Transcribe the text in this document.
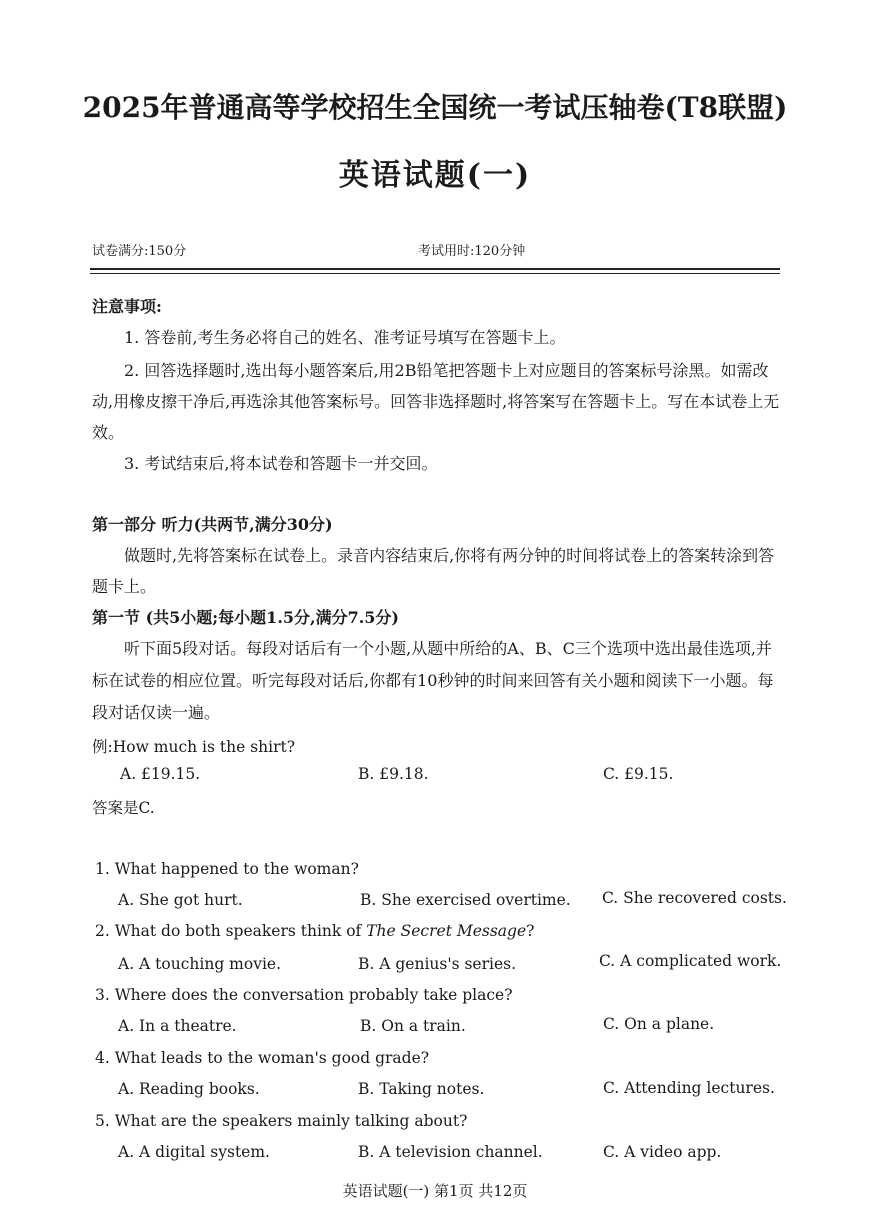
2025年普通高等学校招生全国统一考试压轴卷(T8联盟)
英语试题(一)
试卷满分:150分	考试用时:120分钟
注意事项:
1. 答卷前,考生务必将自己的姓名、准考证号填写在答题卡上。
2. 回答选择题时,选出每小题答案后,用2B铅笔把答题卡上对应题目的答案标号涂黑。如需改动,用橡皮擦干净后,再选涂其他答案标号。回答非选择题时,将答案写在答题卡上。写在本试卷上无效。
3. 考试结束后,将本试卷和答题卡一并交回。
第一部分 听力(共两节,满分30分)
做题时,先将答案标在试卷上。录音内容结束后,你将有两分钟的时间将试卷上的答案转涂到答题卡上。
第一节 (共5小题;每小题1.5分,满分7.5分)
听下面5段对话。每段对话后有一个小题,从题中所给的A、B、C三个选项中选出最佳选项,并标在试卷的相应位置。听完每段对话后,你都有10秒钟的时间来回答有关小题和阅读下一小题。每段对话仅读一遍。
例:How much is the shirt?
A. £19.15.	B. £9.18.	C. £9.15.
答案是C.
1. What happened to the woman?
A. She got hurt.	B. She exercised overtime. C. She recovered costs.
2. What do both speakers think of The Secret Message?
A. A touching movie.	B. A genius's series.	C. A complicated work.
3. Where does the conversation probably take place?
A. In a theatre.	B. On a train.	C. On a plane.
4. What leads to the woman's good grade?
A. Reading books.	B. Taking notes.	C. Attending lectures.
5. What are the speakers mainly talking about?
A. A digital system.	B. A television channel.	C. A video app.
英语试题(一) 第1页 共12页
